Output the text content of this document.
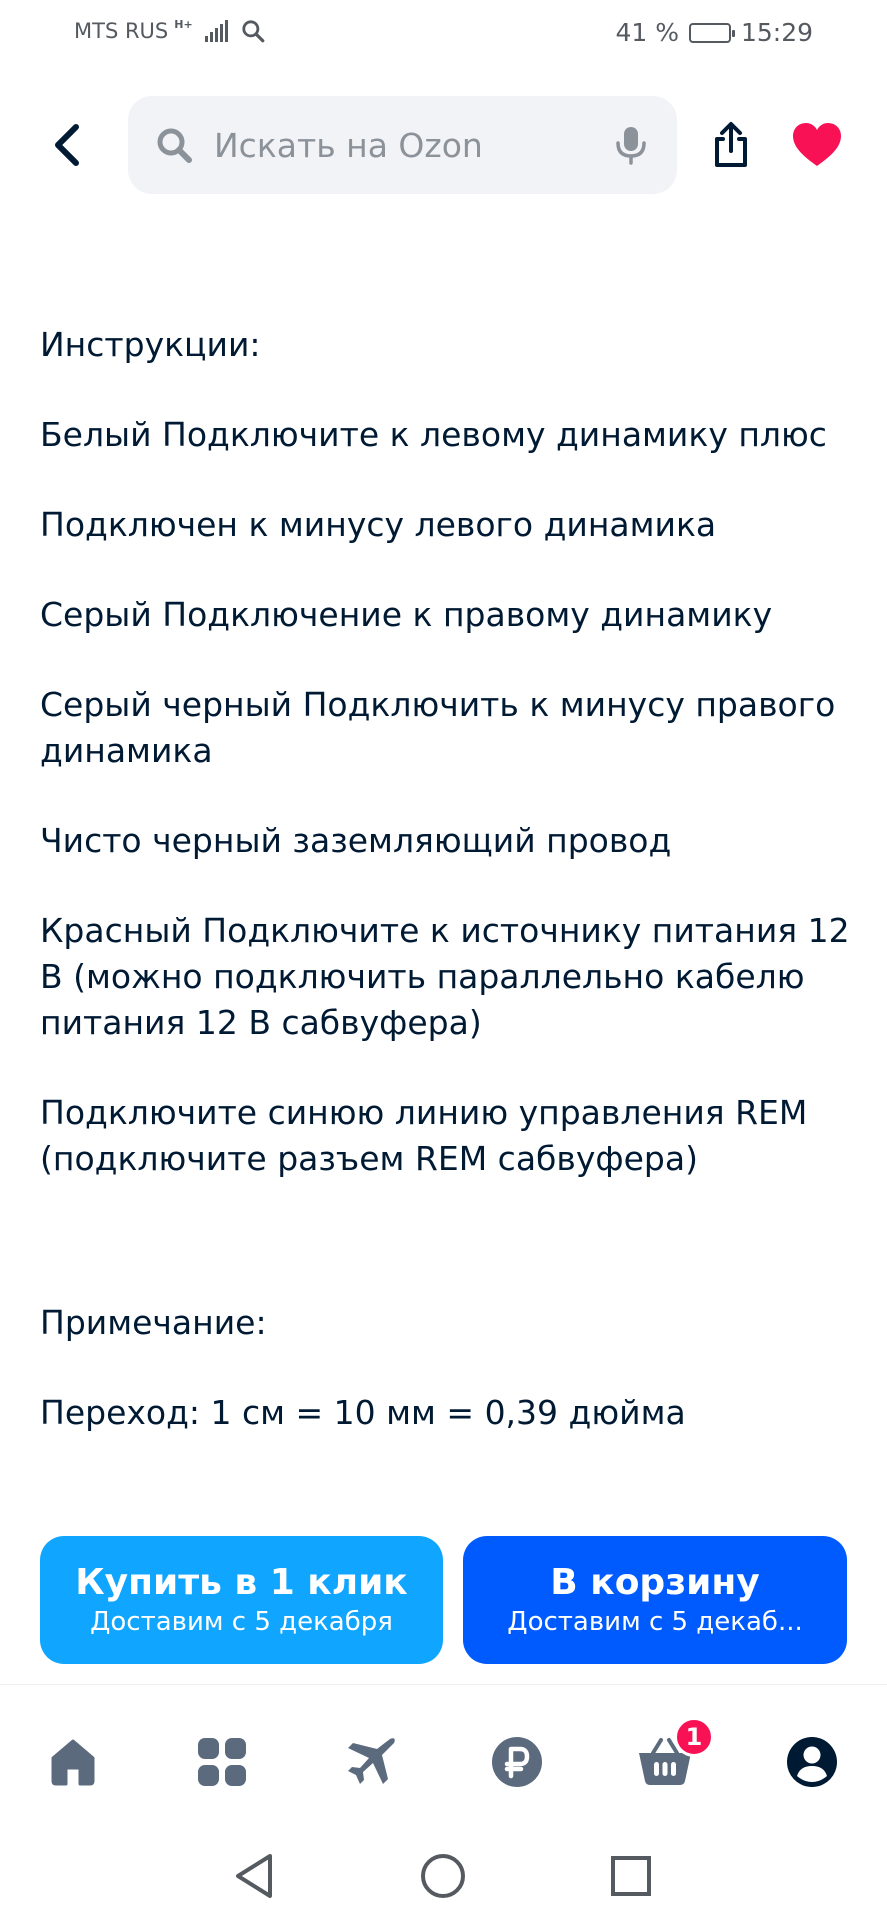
MTS RUS H+	41 % 15:29
Искать на Ozon

Инструкции:

Белый Подключите к левому динамику плюс

Подключен к минусу левого динамика

Серый Подключение к правому динамику

Серый черный Подключить к минусу правого динамика

Чисто черный заземляющий провод

Красный Подключите к источнику питания 12 В (можно подключить параллельно кабелю питания 12 В сабвуфера)

Подключите синюю линию управления REM (подключите разъем REM сабвуфера)

Примечание:

Переход: 1 см = 10 мм = 0,39 дюйма

Купить в 1 клик
Доставим с 5 декабря
В корзину
Доставим с 5 декаб...
1
